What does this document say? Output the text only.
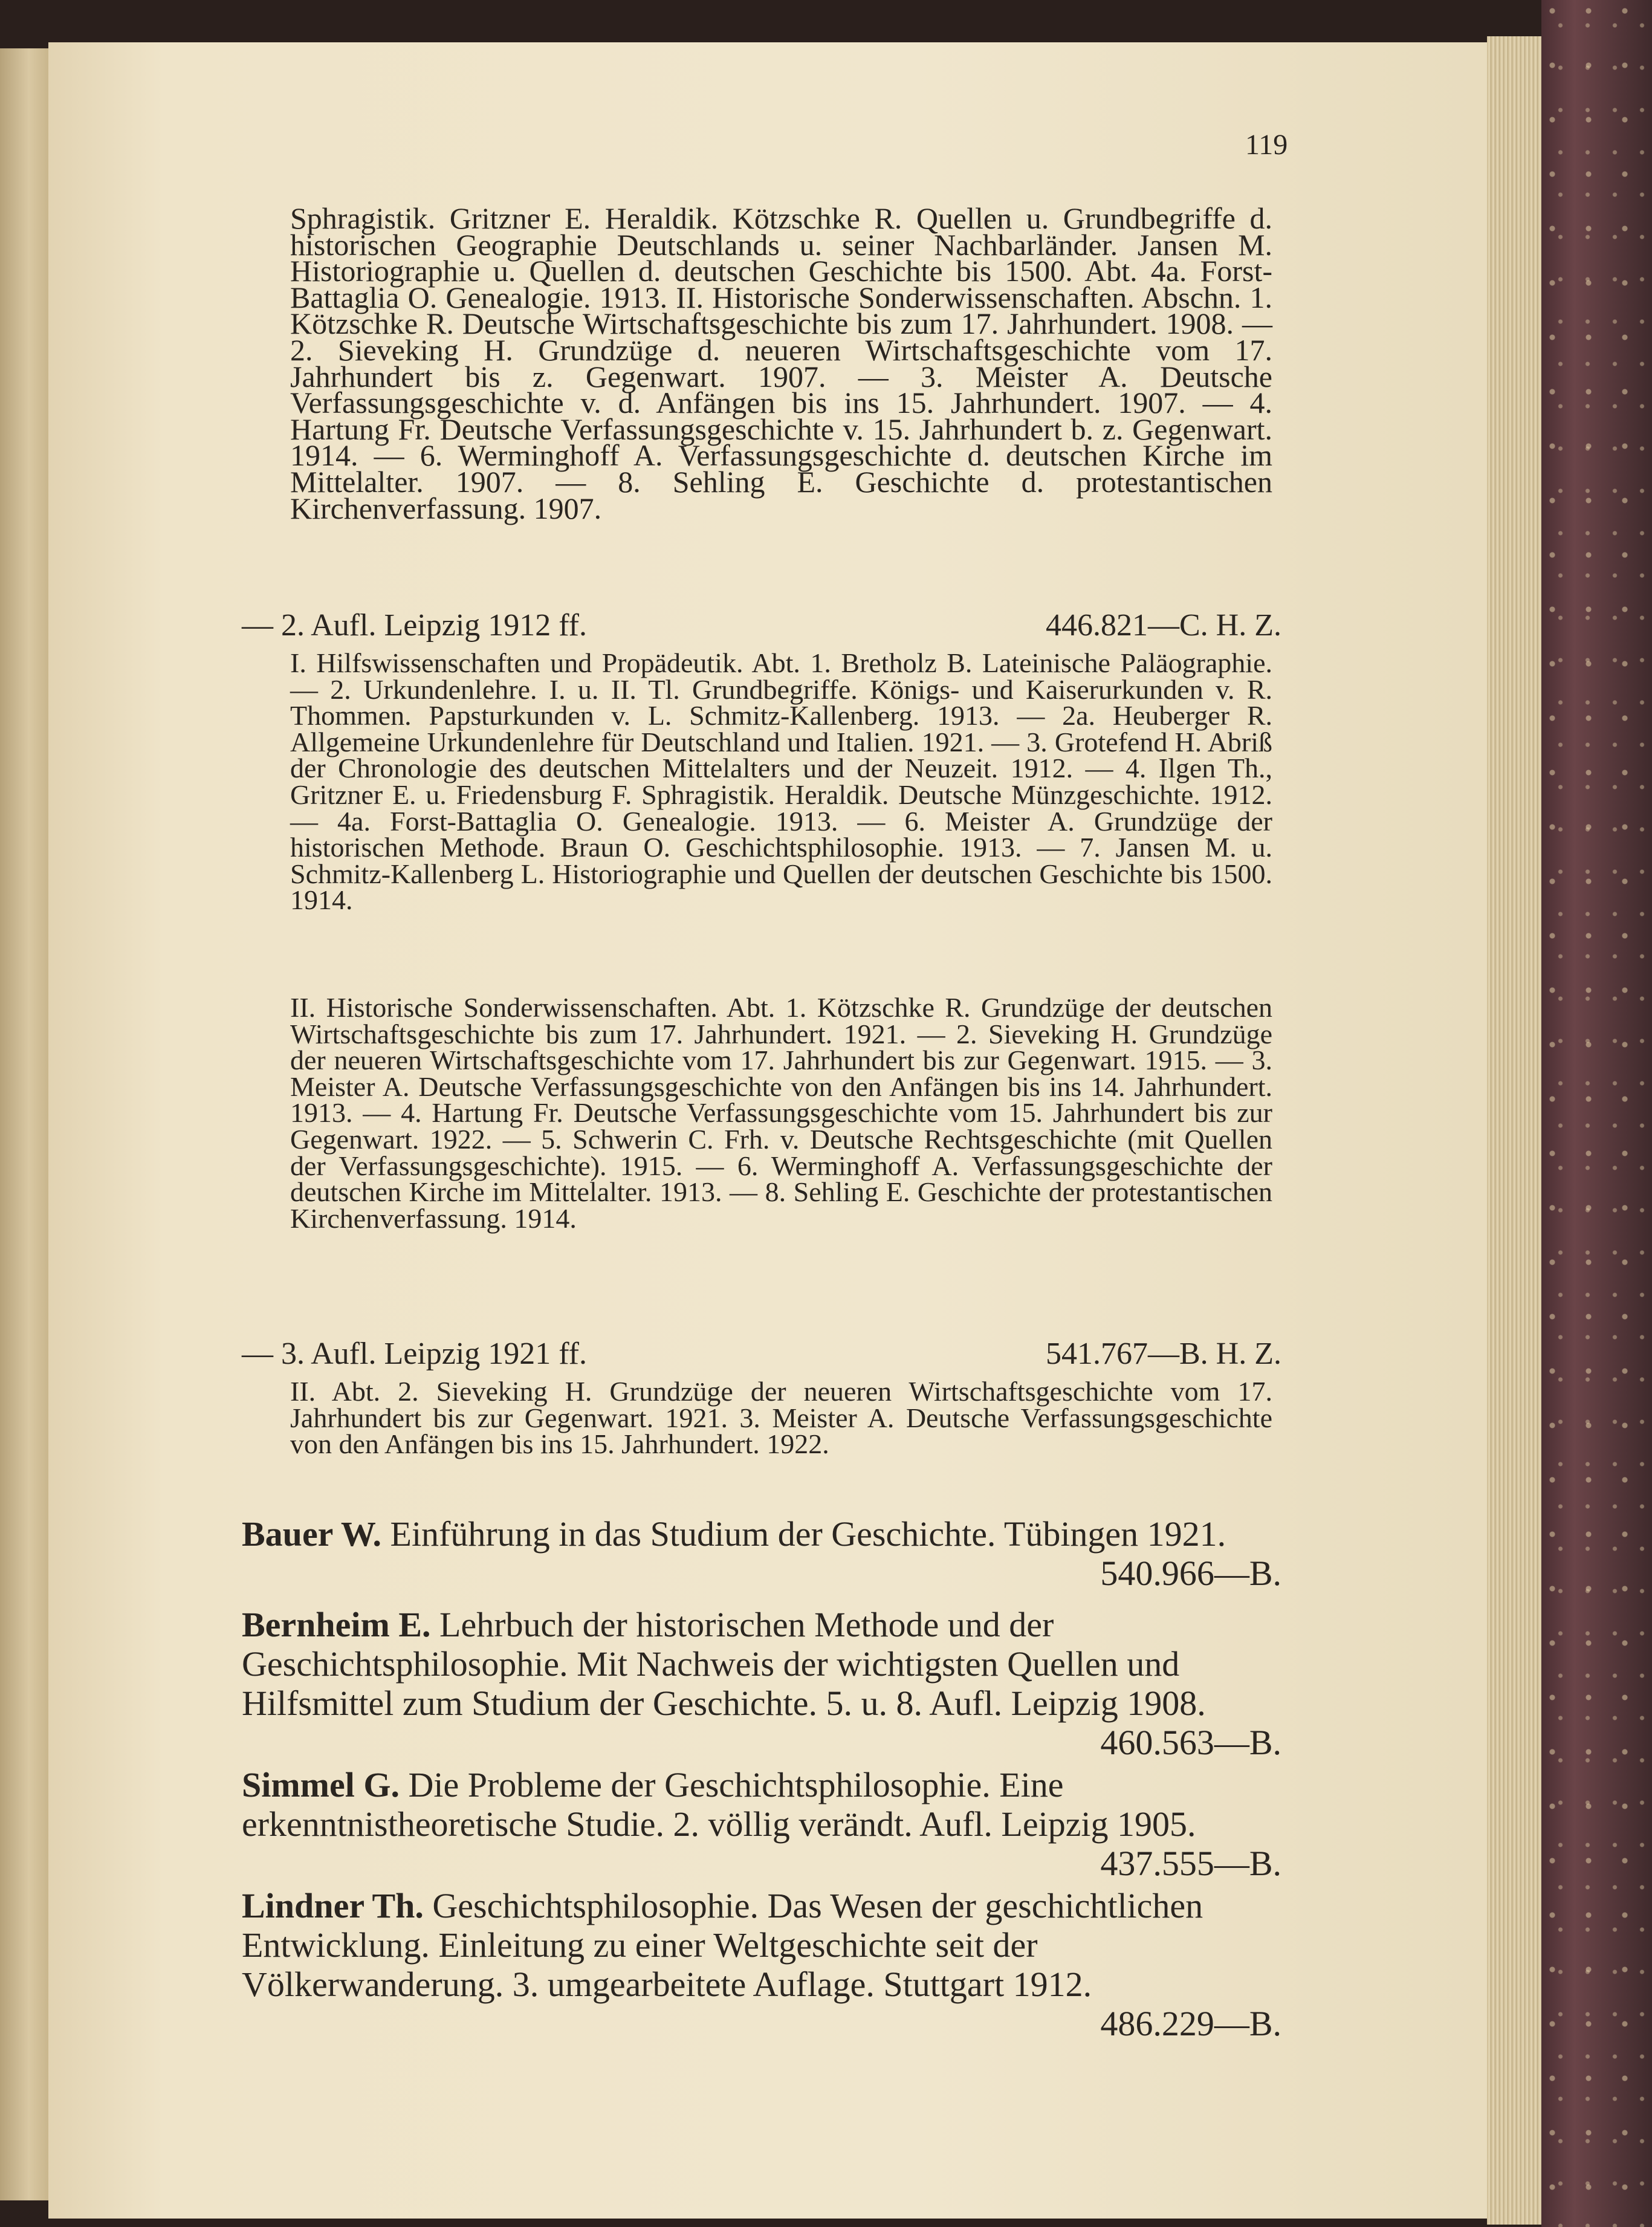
119

Sphragistik. Gritzner E. Heraldik. Kötzschke R. Quellen u. Grundbegriffe d. historischen Geographie Deutschlands u. seiner Nachbarländer. Jansen M. Historiographie u. Quellen d. deutschen Geschichte bis 1500. Abt. 4a. Forst-Battaglia O. Genealogie. 1913. II. Historische Sonderwissenschaften. Abschn. 1. Kötzschke R. Deutsche Wirtschaftsgeschichte bis zum 17. Jahrhundert. 1908. — 2. Sieveking H. Grundzüge d. neueren Wirtschaftsgeschichte vom 17. Jahrhundert bis z. Gegenwart. 1907. — 3. Meister A. Deutsche Verfassungsgeschichte v. d. Anfängen bis ins 15. Jahrhundert. 1907. — 4. Hartung Fr. Deutsche Verfassungsgeschichte v. 15. Jahrhundert b. z. Gegenwart. 1914. — 6. Werminghoff A. Verfassungsgeschichte d. deutschen Kirche im Mittelalter. 1907. — 8. Sehling E. Geschichte d. protestantischen Kirchenverfassung. 1907.

— 2. Aufl. Leipzig 1912 ff.	446.821—C. H. Z.

I. Hilfswissenschaften und Propädeutik. Abt. 1. Bretholz B. Lateinische Paläographie. — 2. Urkundenlehre. I. u. II. Tl. Grundbegriffe. Königs- und Kaiserurkunden v. R. Thommen. Papsturkunden v. L. Schmitz-Kallenberg. 1913. — 2a. Heuberger R. Allgemeine Urkundenlehre für Deutschland und Italien. 1921. — 3. Grotefend H. Abriß der Chronologie des deutschen Mittelalters und der Neuzeit. 1912. — 4. Ilgen Th., Gritzner E. u. Friedensburg F. Sphragistik. Heraldik. Deutsche Münzgeschichte. 1912. — 4a. Forst-Battaglia O. Genealogie. 1913. — 6. Meister A. Grundzüge der historischen Methode. Braun O. Geschichtsphilosophie. 1913. — 7. Jansen M. u. Schmitz-Kallenberg L. Historiographie und Quellen der deutschen Geschichte bis 1500. 1914.

II. Historische Sonderwissenschaften. Abt. 1. Kötzschke R. Grundzüge der deutschen Wirtschaftsgeschichte bis zum 17. Jahrhundert. 1921. — 2. Sieveking H. Grundzüge der neueren Wirtschaftsgeschichte vom 17. Jahrhundert bis zur Gegenwart. 1915. — 3. Meister A. Deutsche Verfassungsgeschichte von den Anfängen bis ins 14. Jahrhundert. 1913. — 4. Hartung Fr. Deutsche Verfassungsgeschichte vom 15. Jahrhundert bis zur Gegenwart. 1922. — 5. Schwerin C. Frh. v. Deutsche Rechtsgeschichte (mit Quellen der Verfassungsgeschichte). 1915. — 6. Werminghoff A. Verfassungsgeschichte der deutschen Kirche im Mittelalter. 1913. — 8. Sehling E. Geschichte der protestantischen Kirchenverfassung. 1914.

— 3. Aufl. Leipzig 1921 ff.	541.767—B. H. Z.

II. Abt. 2. Sieveking H. Grundzüge der neueren Wirtschaftsgeschichte vom 17. Jahrhundert bis zur Gegenwart. 1921. 3. Meister A. Deutsche Verfassungsgeschichte von den Anfängen bis ins 15. Jahrhundert. 1922.

Bauer W. Einführung in das Studium der Geschichte. Tübingen 1921.
540.966—B.

Bernheim E. Lehrbuch der historischen Methode und der Geschichtsphilosophie. Mit Nachweis der wichtigsten Quellen und Hilfsmittel zum Studium der Geschichte. 5. u. 8. Aufl. Leipzig 1908.
460.563—B.

Simmel G. Die Probleme der Geschichtsphilosophie. Eine erkenntnistheoretische Studie. 2. völlig verändt. Aufl. Leipzig 1905.
437.555—B.

Lindner Th. Geschichtsphilosophie. Das Wesen der geschichtlichen Entwicklung. Einleitung zu einer Weltgeschichte seit der Völkerwanderung. 3. umgearbeitete Auflage. Stuttgart 1912.
486.229—B.
